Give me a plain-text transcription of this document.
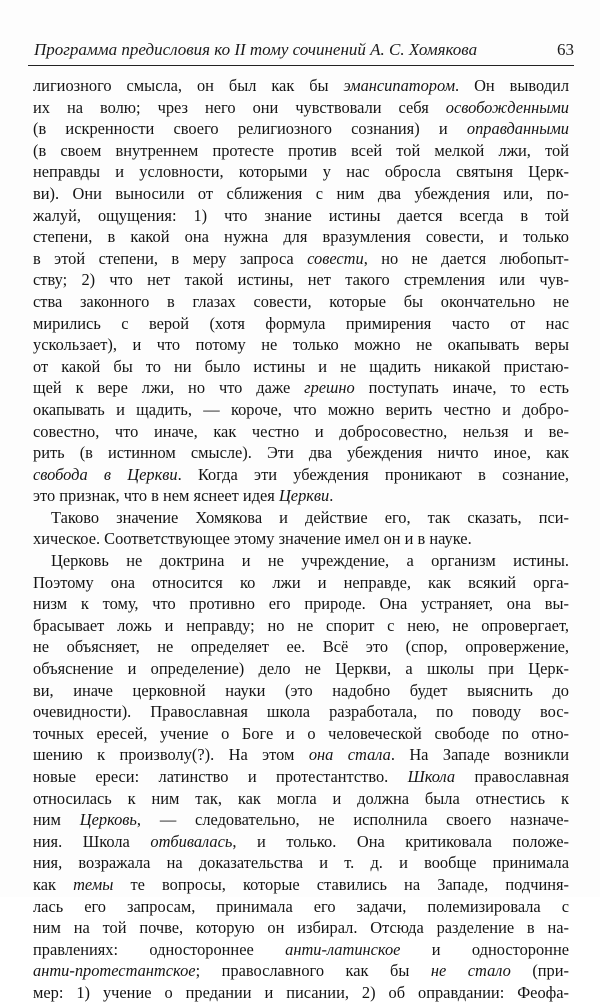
Программа предисловия ко II тому сочинений А. С. Хомякова	63
лигиозного смысла, он был как бы эмансипатором. Он выводил
их на волю; чрез него они чувствовали себя освобожденными
(в искренности своего религиозного сознания) и оправданными
(в своем внутреннем протесте против всей той мелкой лжи, той
неправды и условности, которыми у нас обросла святыня Церк-
ви). Они выносили от сближения с ним два убеждения или, по-
жалуй, ощущения: 1) что знание истины дается всегда в той
степени, в какой она нужна для вразумления совести, и только
в этой степени, в меру запроса совести, но не дается любопыт-
ству; 2) что нет такой истины, нет такого стремления или чув-
ства законного в глазах совести, которые бы окончательно не
мирились с верой (хотя формула примирения часто от нас
ускользает), и что потому не только можно не окапывать веры
от какой бы то ни было истины и не щадить никакой пристаю-
щей к вере лжи, но что даже грешно поступать иначе, то есть
окапывать и щадить, — короче, что можно верить честно и добро-
совестно, что иначе, как честно и добросовестно, нельзя и ве-
рить (в истинном смысле). Эти два убеждения ничто иное, как
свобода в Церкви. Когда эти убеждения проникают в сознание,
это признак, что в нем яснеет идея Церкви.
Таково значение Хомякова и действие его, так сказать, пси-
хическое. Соответствующее этому значение имел он и в науке.
Церковь не доктрина и не учреждение, а организм истины.
Поэтому она относится ко лжи и неправде, как всякий орга-
низм к тому, что противно его природе. Она устраняет, она вы-
брасывает ложь и неправду; но не спорит с нею, не опровергает,
не объясняет, не определяет ее. Всё это (спор, опровержение,
объяснение и определение) дело не Церкви, а школы при Церк-
ви, иначе церковной науки (это надобно будет выяснить до
очевидности). Православная школа разработала, по поводу вос-
точных ересей, учение о Боге и о человеческой свободе по отно-
шению к произволу(?). На этом она стала. На Западе возникли
новые ереси: латинство и протестантство. Школа православная
относилась к ним так, как могла и должна была отнестись к
ним Церковь, — следовательно, не исполнила своего назначе-
ния. Школа отбивалась, и только. Она критиковала положе-
ния, возражала на доказательства и т. д. и вообще принимала
как темы те вопросы, которые ставились на Западе, подчиня-
лась его запросам, принимала его задачи, полемизировала с
ним на той почве, которую он избирал. Отсюда разделение в на-
правлениях: одностороннее анти-латинское и односторонне
анти-протестантское; православного как бы не стало (при-
мер: 1) учение о предании и писании, 2) об оправдании: Феофа-
